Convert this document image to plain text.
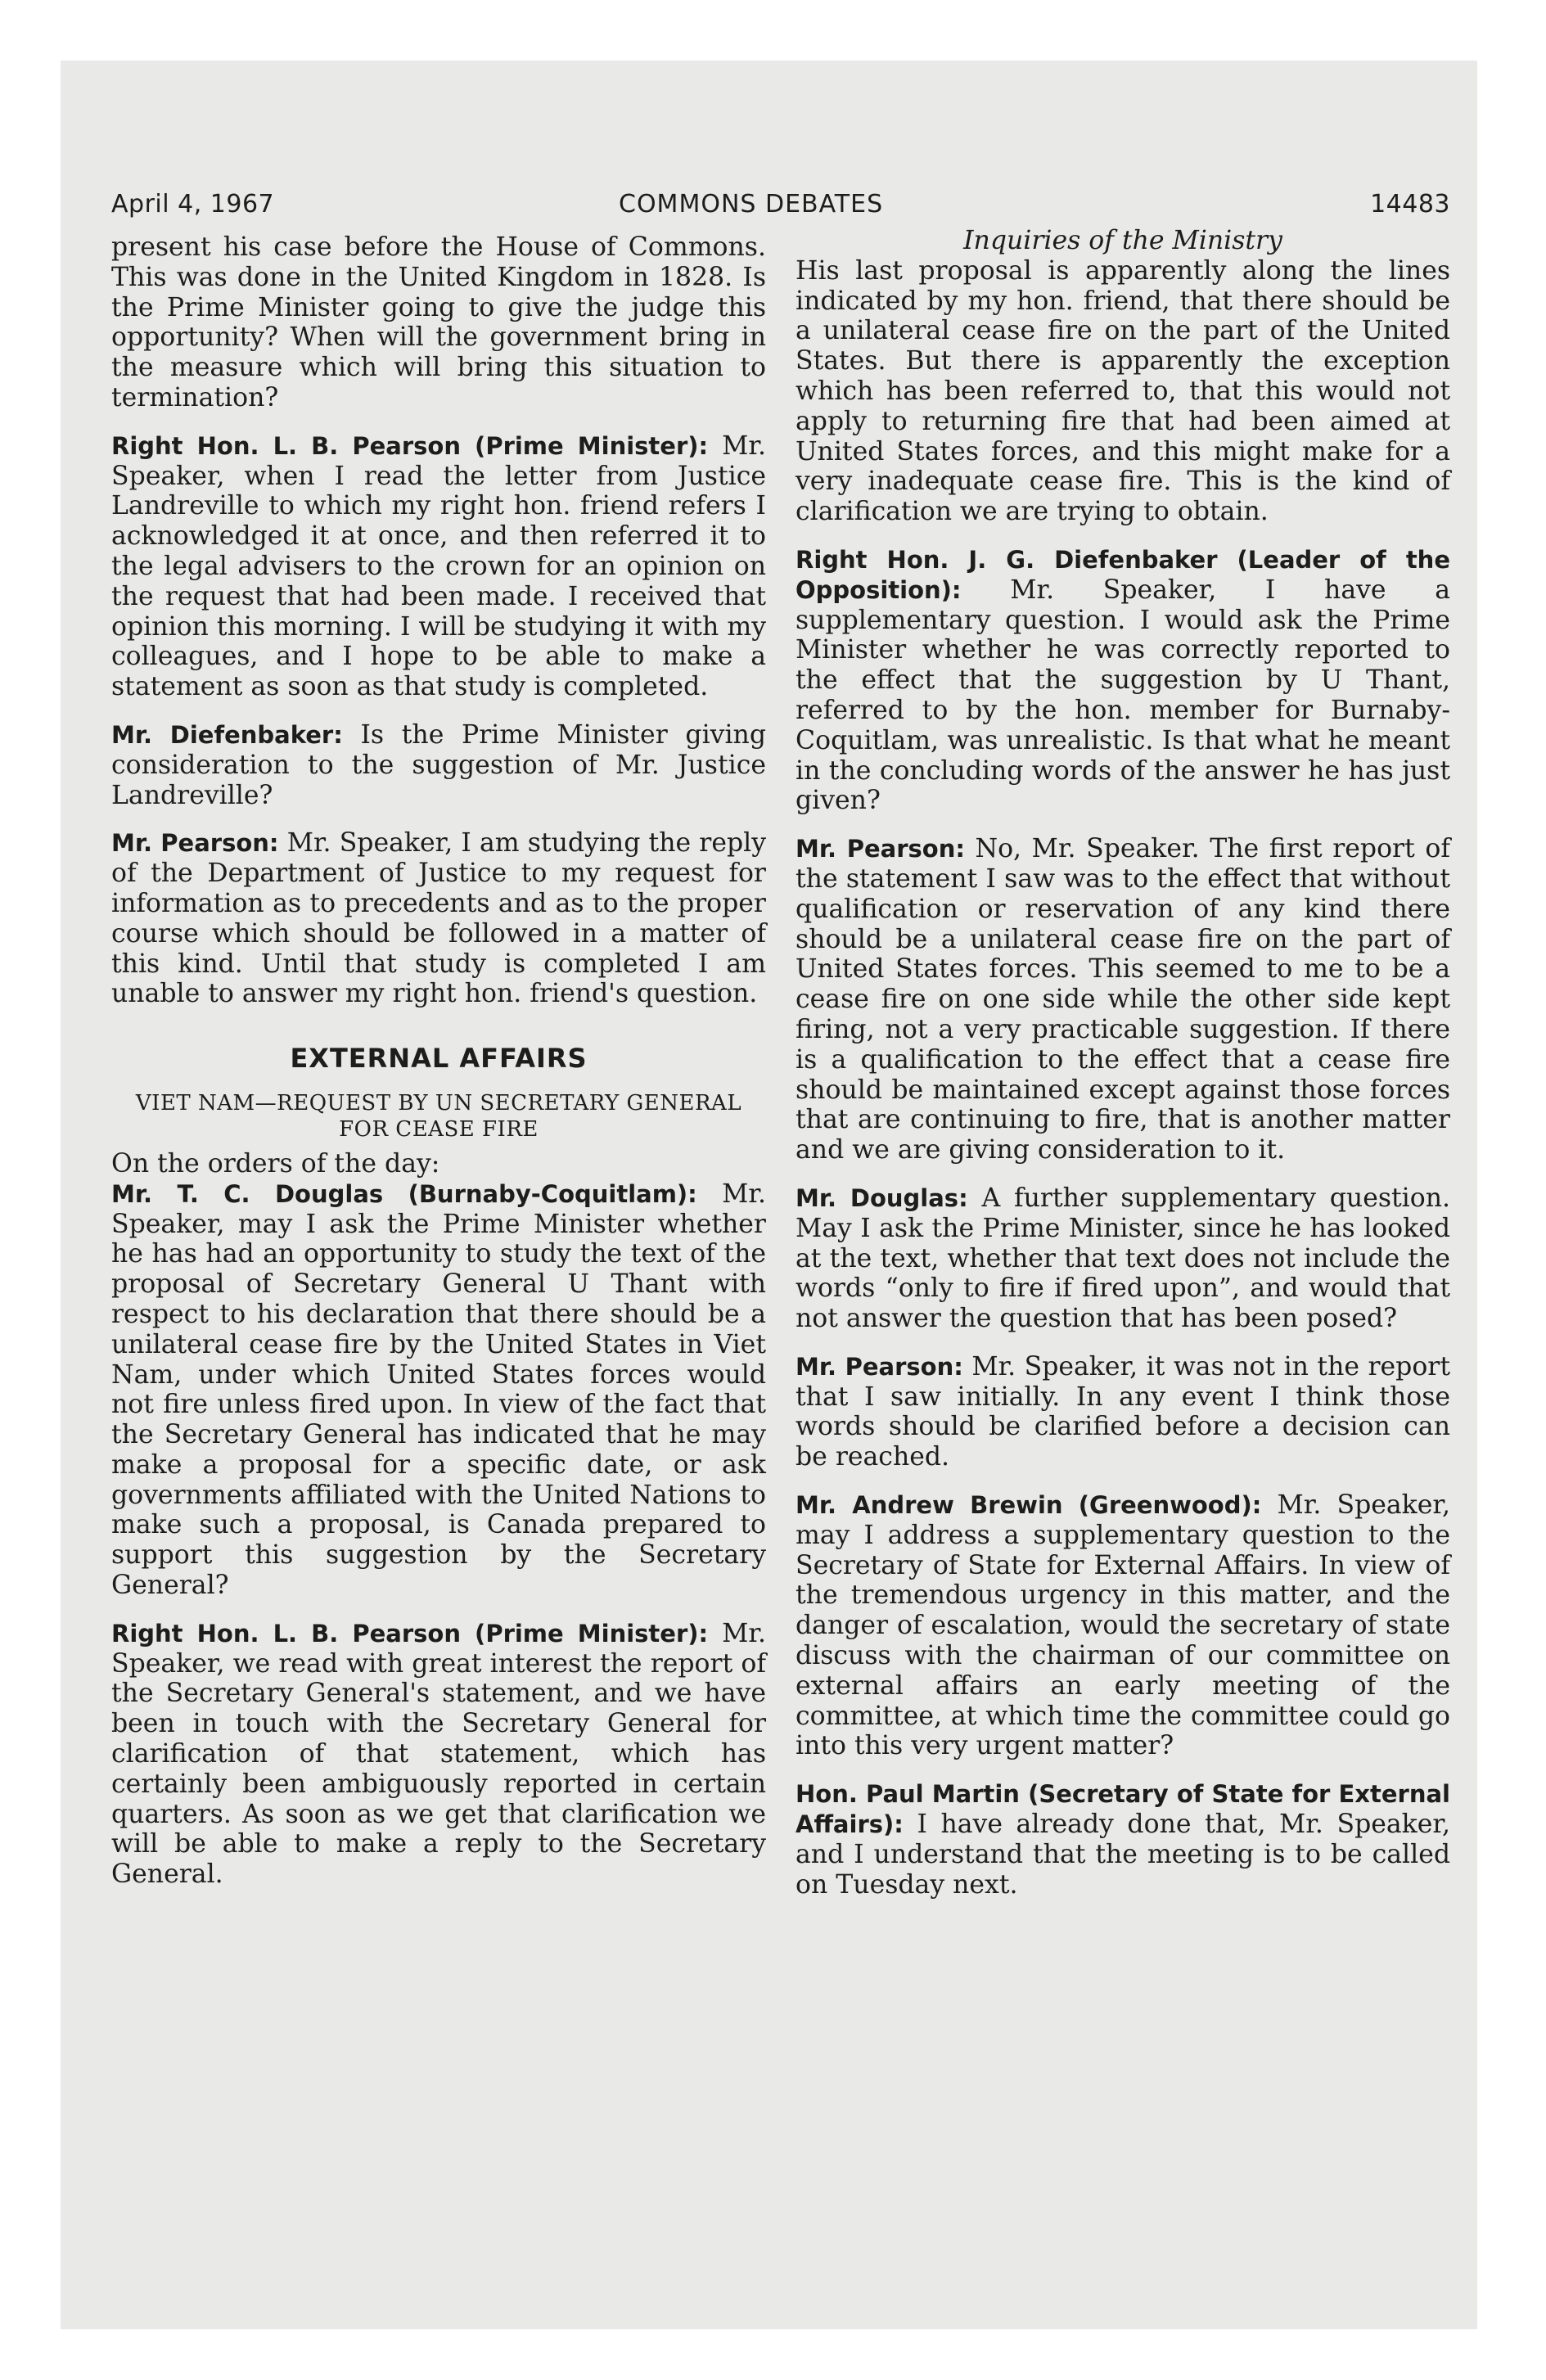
April 4, 1967	COMMONS DEBATES	14483

present his case before the House of Commons. This was done in the United Kingdom in 1828. Is the Prime Minister going to give the judge this opportunity? When will the government bring in the measure which will bring this situation to termination?

Right Hon. L. B. Pearson (Prime Minister): Mr. Speaker, when I read the letter from Justice Landreville to which my right hon. friend refers I acknowledged it at once, and then referred it to the legal advisers to the crown for an opinion on the request that had been made. I received that opinion this morning. I will be studying it with my colleagues, and I hope to be able to make a statement as soon as that study is completed.

Mr. Diefenbaker: Is the Prime Minister giving consideration to the suggestion of Mr. Justice Landreville?

Mr. Pearson: Mr. Speaker, I am studying the reply of the Department of Justice to my request for information as to precedents and as to the proper course which should be followed in a matter of this kind. Until that study is completed I am unable to answer my right hon. friend's question.

EXTERNAL AFFAIRS
VIET NAM—REQUEST BY UN SECRETARY GENERAL FOR CEASE FIRE

On the orders of the day:

Mr. T. C. Douglas (Burnaby-Coquitlam): Mr. Speaker, may I ask the Prime Minister whether he has had an opportunity to study the text of the proposal of Secretary General U Thant with respect to his declaration that there should be a unilateral cease fire by the United States in Viet Nam, under which United States forces would not fire unless fired upon. In view of the fact that the Secretary General has indicated that he may make a proposal for a specific date, or ask governments affiliated with the United Nations to make such a proposal, is Canada prepared to support this suggestion by the Secretary General?

Right Hon. L. B. Pearson (Prime Minister): Mr. Speaker, we read with great interest the report of the Secretary General's statement, and we have been in touch with the Secretary General for clarification of that statement, which has certainly been ambiguously reported in certain quarters. As soon as we get that clarification we will be able to make a reply to the Secretary General.

Inquiries of the Ministry

His last proposal is apparently along the lines indicated by my hon. friend, that there should be a unilateral cease fire on the part of the United States. But there is apparently the exception which has been referred to, that this would not apply to returning fire that had been aimed at United States forces, and this might make for a very inadequate cease fire. This is the kind of clarification we are trying to obtain.

Right Hon. J. G. Diefenbaker (Leader of the Opposition): Mr. Speaker, I have a supplementary question. I would ask the Prime Minister whether he was correctly reported to the effect that the suggestion by U Thant, referred to by the hon. member for Burnaby-Coquitlam, was unrealistic. Is that what he meant in the concluding words of the answer he has just given?

Mr. Pearson: No, Mr. Speaker. The first report of the statement I saw was to the effect that without qualification or reservation of any kind there should be a unilateral cease fire on the part of United States forces. This seemed to me to be a cease fire on one side while the other side kept firing, not a very practicable suggestion. If there is a qualification to the effect that a cease fire should be maintained except against those forces that are continuing to fire, that is another matter and we are giving consideration to it.

Mr. Douglas: A further supplementary question. May I ask the Prime Minister, since he has looked at the text, whether that text does not include the words “only to fire if fired upon”, and would that not answer the question that has been posed?

Mr. Pearson: Mr. Speaker, it was not in the report that I saw initially. In any event I think those words should be clarified before a decision can be reached.

Mr. Andrew Brewin (Greenwood): Mr. Speaker, may I address a supplementary question to the Secretary of State for External Affairs. In view of the tremendous urgency in this matter, and the danger of escalation, would the secretary of state discuss with the chairman of our committee on external affairs an early meeting of the committee, at which time the committee could go into this very urgent matter?

Hon. Paul Martin (Secretary of State for External Affairs): I have already done that, Mr. Speaker, and I understand that the meeting is to be called on Tuesday next.
